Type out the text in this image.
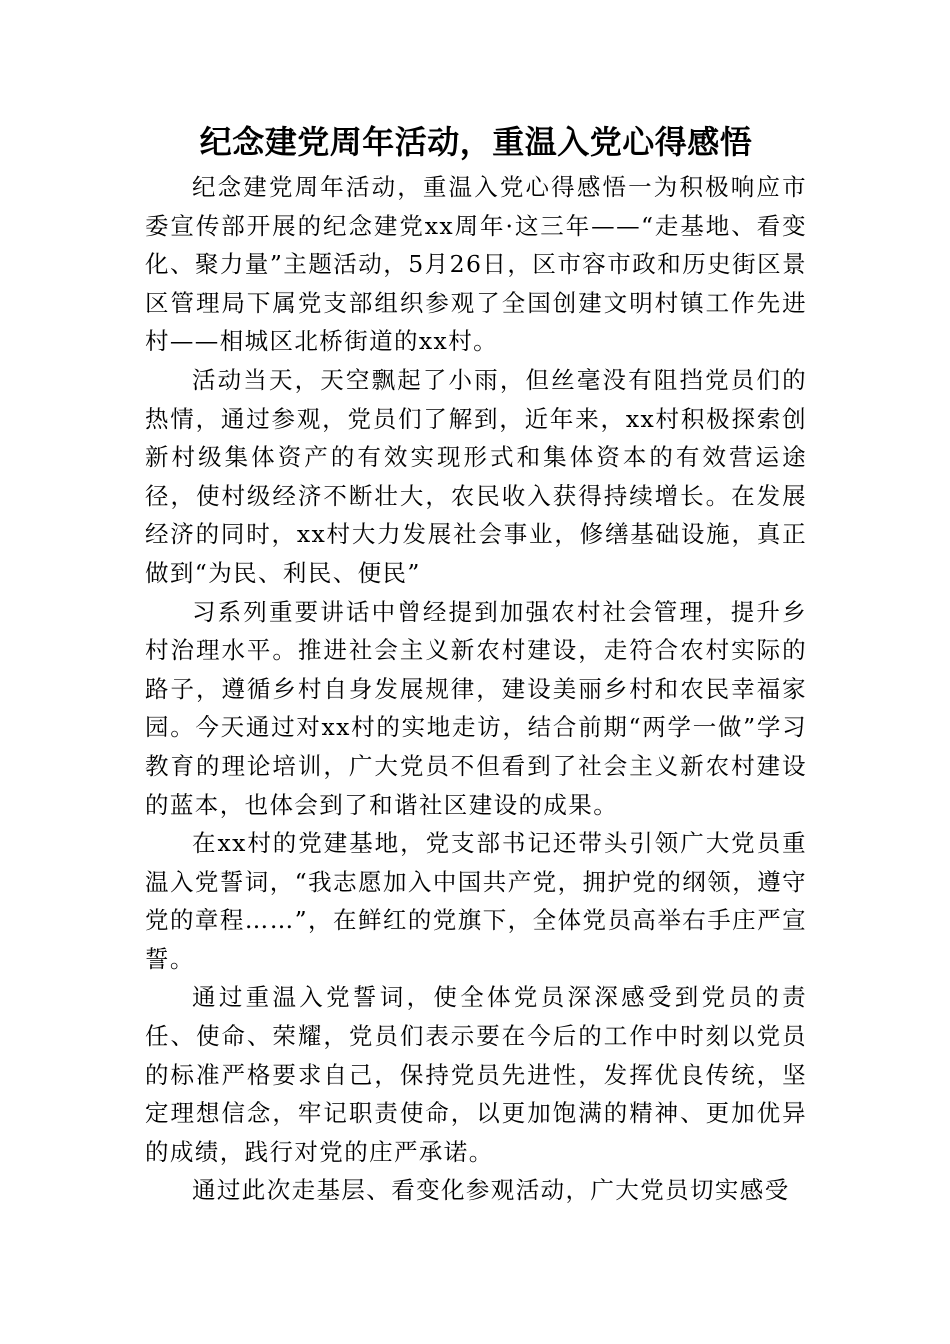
纪念建党周年活动，重温入党心得感悟

纪念建党周年活动，重温入党心得感悟一为积极响应市委宣传部开展的纪念建党xx周年·这三年——“走基地、看变化、聚力量”主题活动，5月26日，区市容市政和历史街区景区管理局下属党支部组织参观了全国创建文明村镇工作先进村——相城区北桥街道的xx村。

活动当天，天空飘起了小雨，但丝毫没有阻挡党员们的热情，通过参观，党员们了解到，近年来，xx村积极探索创新村级集体资产的有效实现形式和集体资本的有效营运途径，使村级经济不断壮大，农民收入获得持续增长。在发展经济的同时，xx村大力发展社会事业，修缮基础设施，真正做到“为民、利民、便民”

习系列重要讲话中曾经提到加强农村社会管理，提升乡村治理水平。推进社会主义新农村建设，走符合农村实际的路子，遵循乡村自身发展规律，建设美丽乡村和农民幸福家园。今天通过对xx村的实地走访，结合前期“两学一做”学习教育的理论培训，广大党员不但看到了社会主义新农村建设的蓝本，也体会到了和谐社区建设的成果。

在xx村的党建基地，党支部书记还带头引领广大党员重温入党誓词，“我志愿加入中国共产党，拥护党的纲领，遵守党的章程……”，在鲜红的党旗下，全体党员高举右手庄严宣誓。

通过重温入党誓词，使全体党员深深感受到党员的责任、使命、荣耀，党员们表示要在今后的工作中时刻以党员的标准严格要求自己，保持党员先进性，发挥优良传统，坚定理想信念，牢记职责使命，以更加饱满的精神、更加优异的成绩，践行对党的庄严承诺。

通过此次走基层、看变化参观活动，广大党员切实感受
